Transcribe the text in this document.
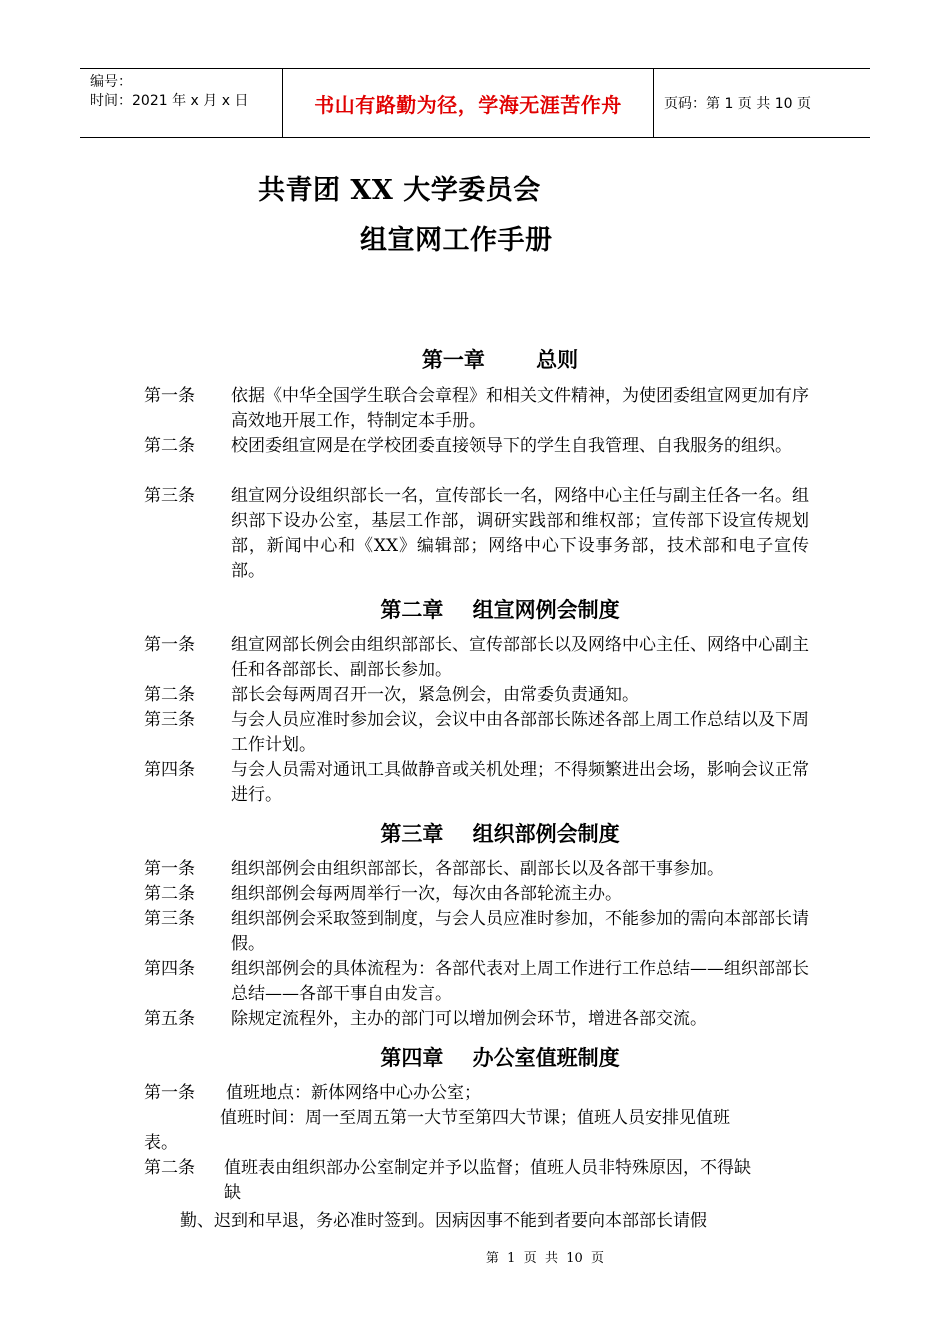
编号：
时间：2021 年 x 月 x 日	书山有路勤为径，学海无涯苦作舟	页码：第 1 页 共 10 页
共青团 XX 大学委员会
组宣网工作手册
第一章       总则
第一条 依据《中华全国学生联合会章程》和相关文件精神，为使团委组宣网更加有序高效地开展工作，特制定本手册。
第二条 校团委组宣网是在学校团委直接领导下的学生自我管理、自我服务的组织。
第三条 组宣网分设组织部长一名，宣传部长一名，网络中心主任与副主任各一名。组织部下设办公室，基层工作部，调研实践部和维权部；宣传部下设宣传规划部，新闻中心和《XX》编辑部；网络中心下设事务部，技术部和电子宣传部。
第二章    组宣网例会制度
第一条 组宣网部长例会由组织部部长、宣传部部长以及网络中心主任、网络中心副主任和各部部长、副部长参加。
第二条 部长会每两周召开一次，紧急例会，由常委负责通知。
第三条 与会人员应准时参加会议，会议中由各部部长陈述各部上周工作总结以及下周工作计划。
第四条 与会人员需对通讯工具做静音或关机处理；不得频繁进出会场，影响会议正常进行。
第三章    组织部例会制度
第一条 组织部例会由组织部部长，各部部长、副部长以及各部干事参加。
第二条 组织部例会每两周举行一次，每次由各部轮流主办。
第三条 组织部例会采取签到制度，与会人员应准时参加，不能参加的需向本部部长请假。
第四条 组织部例会的具体流程为：各部代表对上周工作进行工作总结——组织部部长总结——各部干事自由发言。
第五条 除规定流程外，主办的部门可以增加例会环节，增进各部交流。
第四章    办公室值班制度
第一条 值班地点：新体网络中心办公室；
值班时间：周一至周五第一大节至第四大节课；值班人员安排见值班
表。
第二条 值班表由组织部办公室制定并予以监督；值班人员非特殊原因，不得缺
缺
勤、迟到和早退，务必准时签到。因病因事不能到者要向本部部长请假
第  1  页  共  10  页
